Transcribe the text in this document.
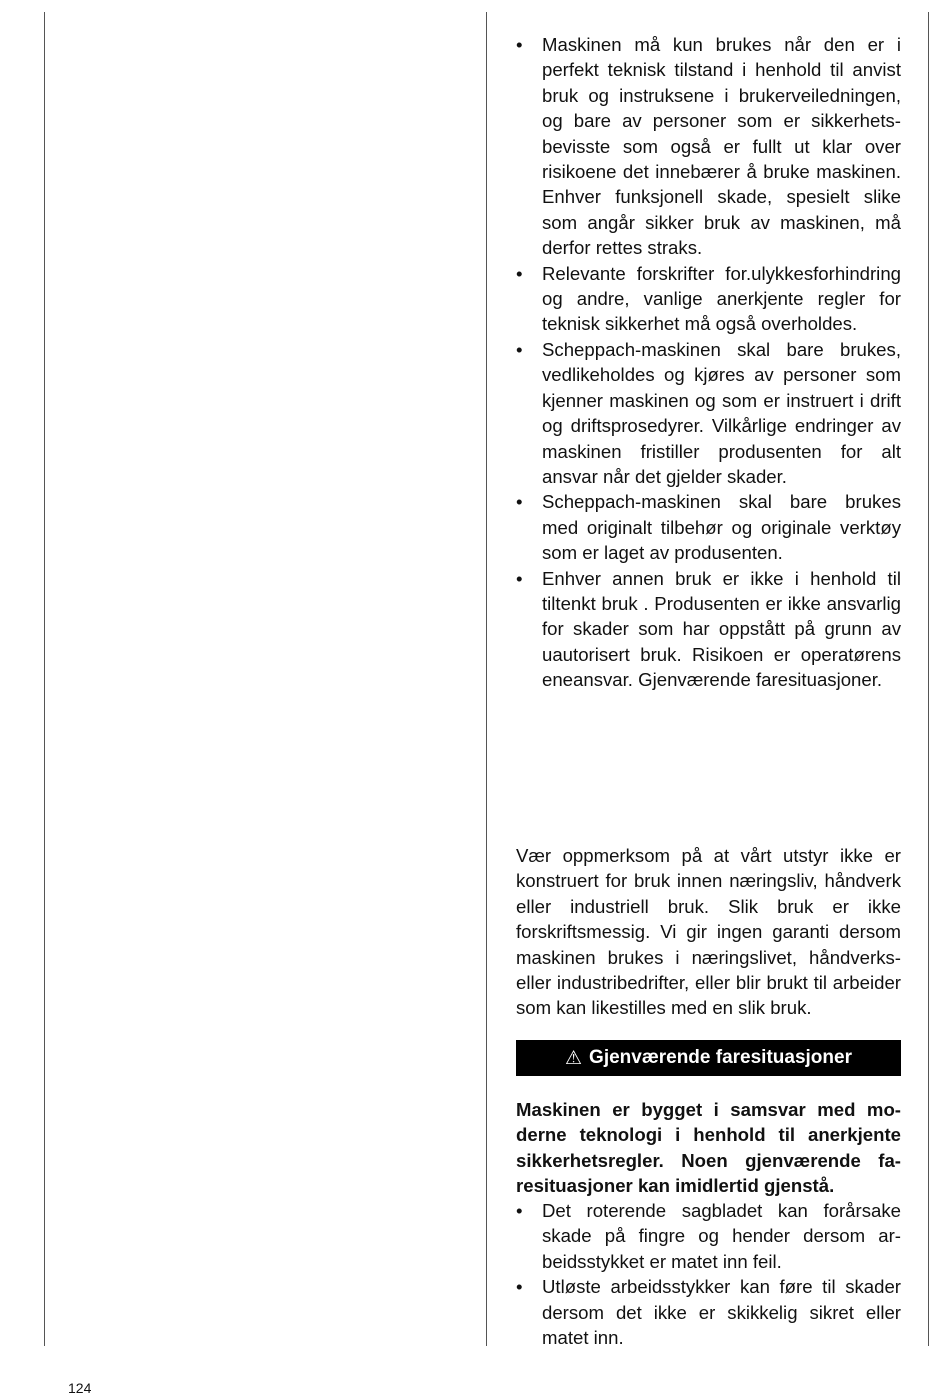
• Maskinen må kun brukes når den er i perfekt teknisk tilstand i henhold til anvist bruk og instruksene i brukerveiledningen, og bare av personer som er sikkerhetsbevisste som også er fullt ut klar over risikoene det innebærer å bruke maskinen. Enhver funksjonell skade, spesielt slike som angår sikker bruk av maskinen, må derfor rettes straks.
• Relevante forskrifter for.ulykkesforhindring og andre, vanlige anerkjente regler for teknisk sikkerhet må også overholdes.
• Scheppach-maskinen skal bare brukes, vedlikeholdes og kjøres av personer som kjenner maskinen og som er instruert i drift og driftsprosedyrer. Vilkårlige endringer av maskinen fristiller produsenten for alt ansvar når det gjelder skader.
• Scheppach-maskinen skal bare brukes med originalt tilbehør og originale verktøy som er laget av produsenten.
• Enhver annen bruk er ikke i henhold til tiltenkt bruk . Produsenten er ikke ansvarlig for skader som har oppstått på grunn av uautorisert bruk. Risikoen er operatørens eneansvar. Gjenværende faresituasjoner.
Vær oppmerksom på at vårt utstyr ikke er konstruert for bruk innen næringsliv, håndverk eller industriell bruk. Slik bruk er ikke forskriftsmessig. Vi gir ingen garanti dersom maskinen brukes i næringslivet, håndverkseller industribedrifter, eller blir brukt til arbeider som kan likestilles med en slik bruk.
⚠ Gjenværende faresituasjoner
Maskinen er bygget i samsvar med moderne teknologi i henhold til anerkjente sikkerhetsregler. Noen gjenværende faresituasjoner kan imidlertid gjenstå.
• Det roterende sagbladet kan forårsake skade på fingre og hender dersom arbeidsstykket er matet inn feil.
• Utløste arbeidsstykker kan føre til skader dersom det ikke er skikkelig sikret eller matet inn.
124
